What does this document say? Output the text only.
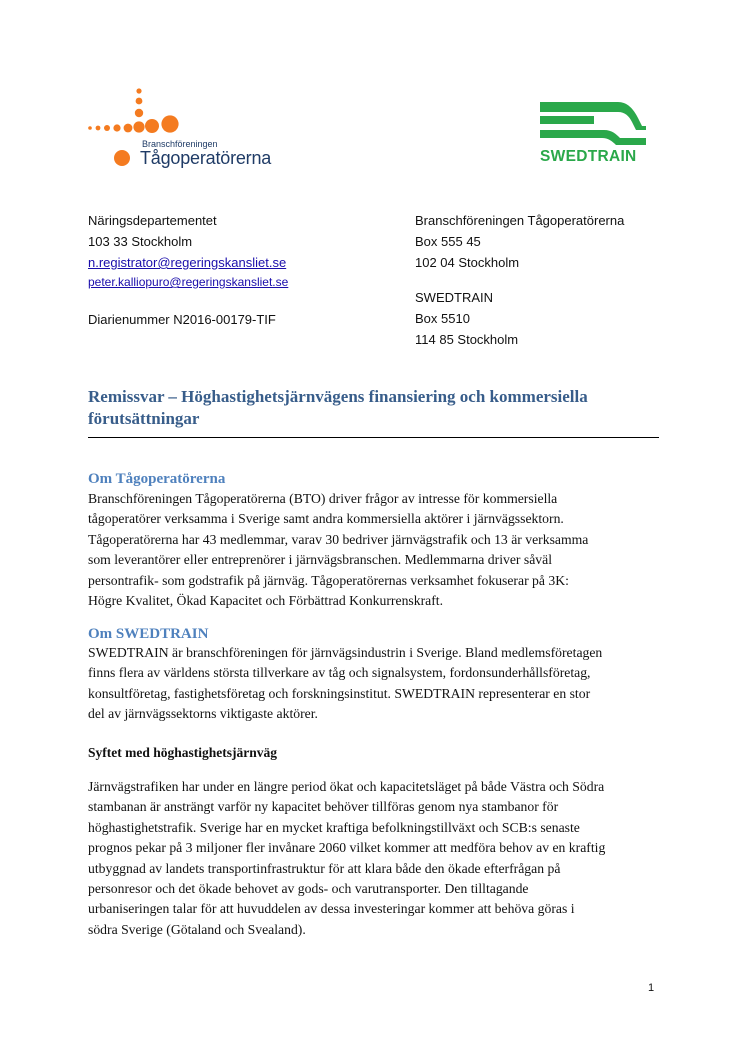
Branschföreningen
Tågoperatörerna	SWEDTRAIN
Näringsdepartementet
103 33 Stockholm
n.registrator@regeringskansliet.se
peter.kalliopuro@regeringskansliet.se
Diarienummer N2016-00179-TIF
Branschföreningen Tågoperatörerna
Box 555 45
102 04 Stockholm
SWEDTRAIN
Box 5510
114 85 Stockholm
Remissvar – Höghastighetsjärnvägens finansiering och kommersiella
förutsättningar
Om Tågoperatörerna
Branschföreningen Tågoperatörerna (BTO) driver frågor av intresse för kommersiella
tågoperatörer verksamma i Sverige samt andra kommersiella aktörer i järnvägssektorn.
Tågoperatörerna har 43 medlemmar, varav 30 bedriver järnvägstrafik och 13 är verksamma
som leverantörer eller entreprenörer i järnvägsbranschen. Medlemmarna driver såväl
persontrafik- som godstrafik på järnväg. Tågoperatörernas verksamhet fokuserar på 3K:
Högre Kvalitet, Ökad Kapacitet och Förbättrad Konkurrenskraft.
Om SWEDTRAIN
SWEDTRAIN är branschföreningen för järnvägsindustrin i Sverige. Bland medlemsföretagen
finns flera av världens största tillverkare av tåg och signalsystem, fordonsunderhållsföretag,
konsultföretag, fastighetsföretag och forskningsinstitut. SWEDTRAIN representerar en stor
del av järnvägssektorns viktigaste aktörer.
Syftet med höghastighetsjärnväg
Järnvägstrafiken har under en längre period ökat och kapacitetsläget på både Västra och Södra
stambanan är ansträngt varför ny kapacitet behöver tillföras genom nya stambanor för
höghastighetstrafik. Sverige har en mycket kraftiga befolkningstillväxt och SCB:s senaste
prognos pekar på 3 miljoner fler invånare 2060 vilket kommer att medföra behov av en kraftig
utbyggnad av landets transportinfrastruktur för att klara både den ökade efterfrågan på
personresor och det ökade behovet av gods- och varutransporter. Den tilltagande
urbaniseringen talar för att huvuddelen av dessa investeringar kommer att behöva göras i
södra Sverige (Götaland och Svealand).
1
